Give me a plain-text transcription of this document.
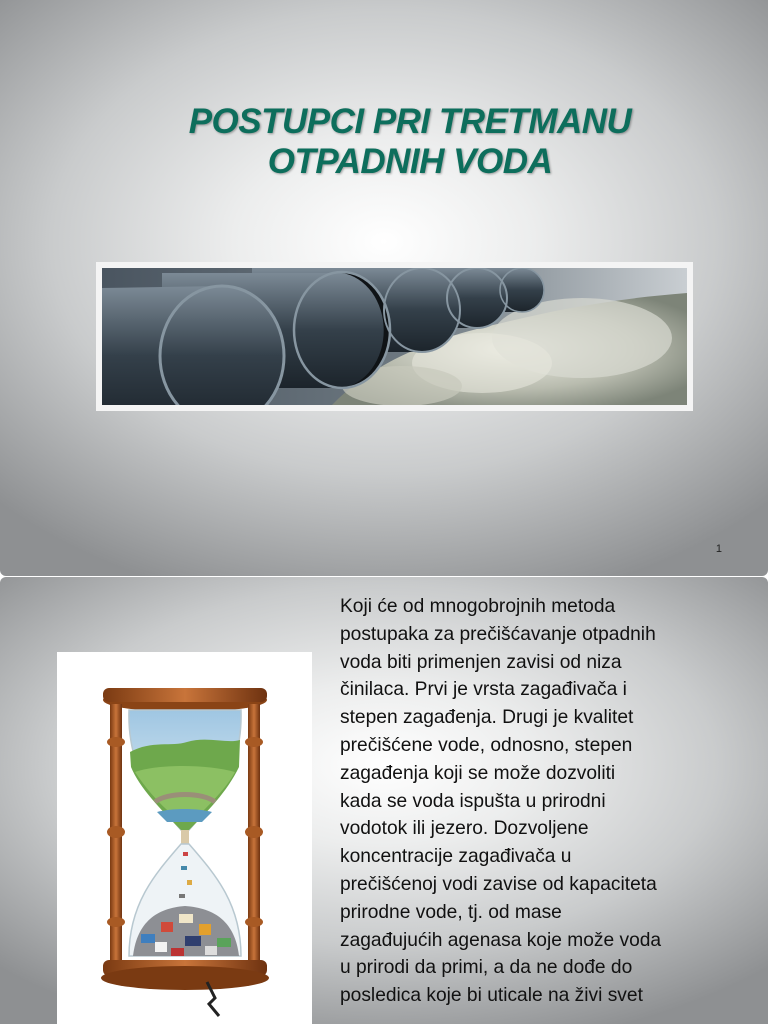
POSTUPCI PRI TRETMANU
OTPADNIH VODA
1

Koji će od mnogobrojnih metoda
postupaka za prečišćavanje otpadnih
voda biti primenjen zavisi od niza
činilaca. Prvi je vrsta zagađivača i
stepen zagađenja. Drugi je kvalitet
prečišćene vode, odnosno, stepen
zagađenja koji se može dozvoliti
kada se voda ispušta u prirodni
vodotok ili jezero. Dozvoljene
koncentracije zagađivača u
prečišćenoj vodi zavise od kapaciteta
prirodne vode, tj. od mase
zagađujućih agenasa koje može voda
u prirodi da primi, a da ne dođe do
posledica koje bi uticale na živi svet
